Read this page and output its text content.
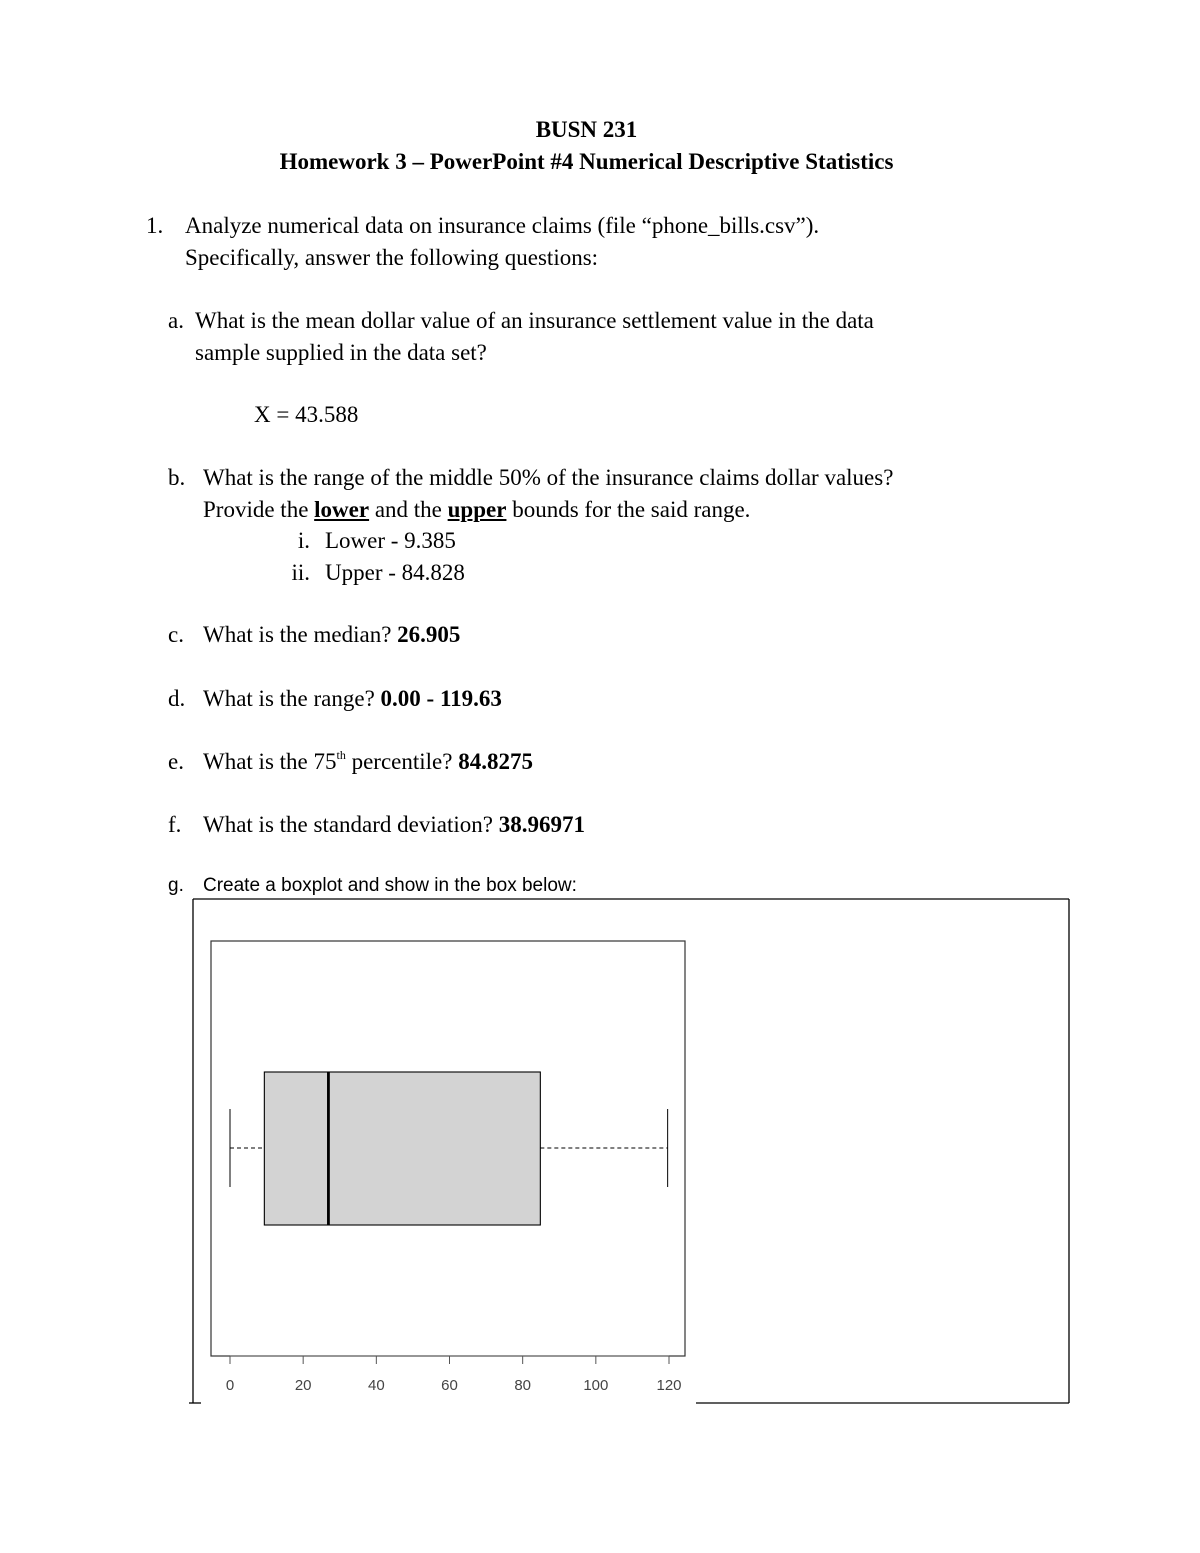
BUSN 231
Homework 3 – PowerPoint #4 Numerical Descriptive Statistics
1. Analyze numerical data on insurance claims (file “phone_bills.csv”).
Specifically, answer the following questions:
a. What is the mean dollar value of an insurance settlement value in the data
sample supplied in the data set?
X = 43.588
b. What is the range of the middle 50% of the insurance claims dollar values?
Provide the lower and the upper bounds for the said range.
i. Lower - 9.385
ii. Upper - 84.828
c. What is the median? 26.905
d. What is the range? 0.00 - 119.63
e. What is the 75th percentile? 84.8275
f. What is the standard deviation? 38.96971
g. Create a boxplot and show in the box below:
0	20	40	60	80	100	120
